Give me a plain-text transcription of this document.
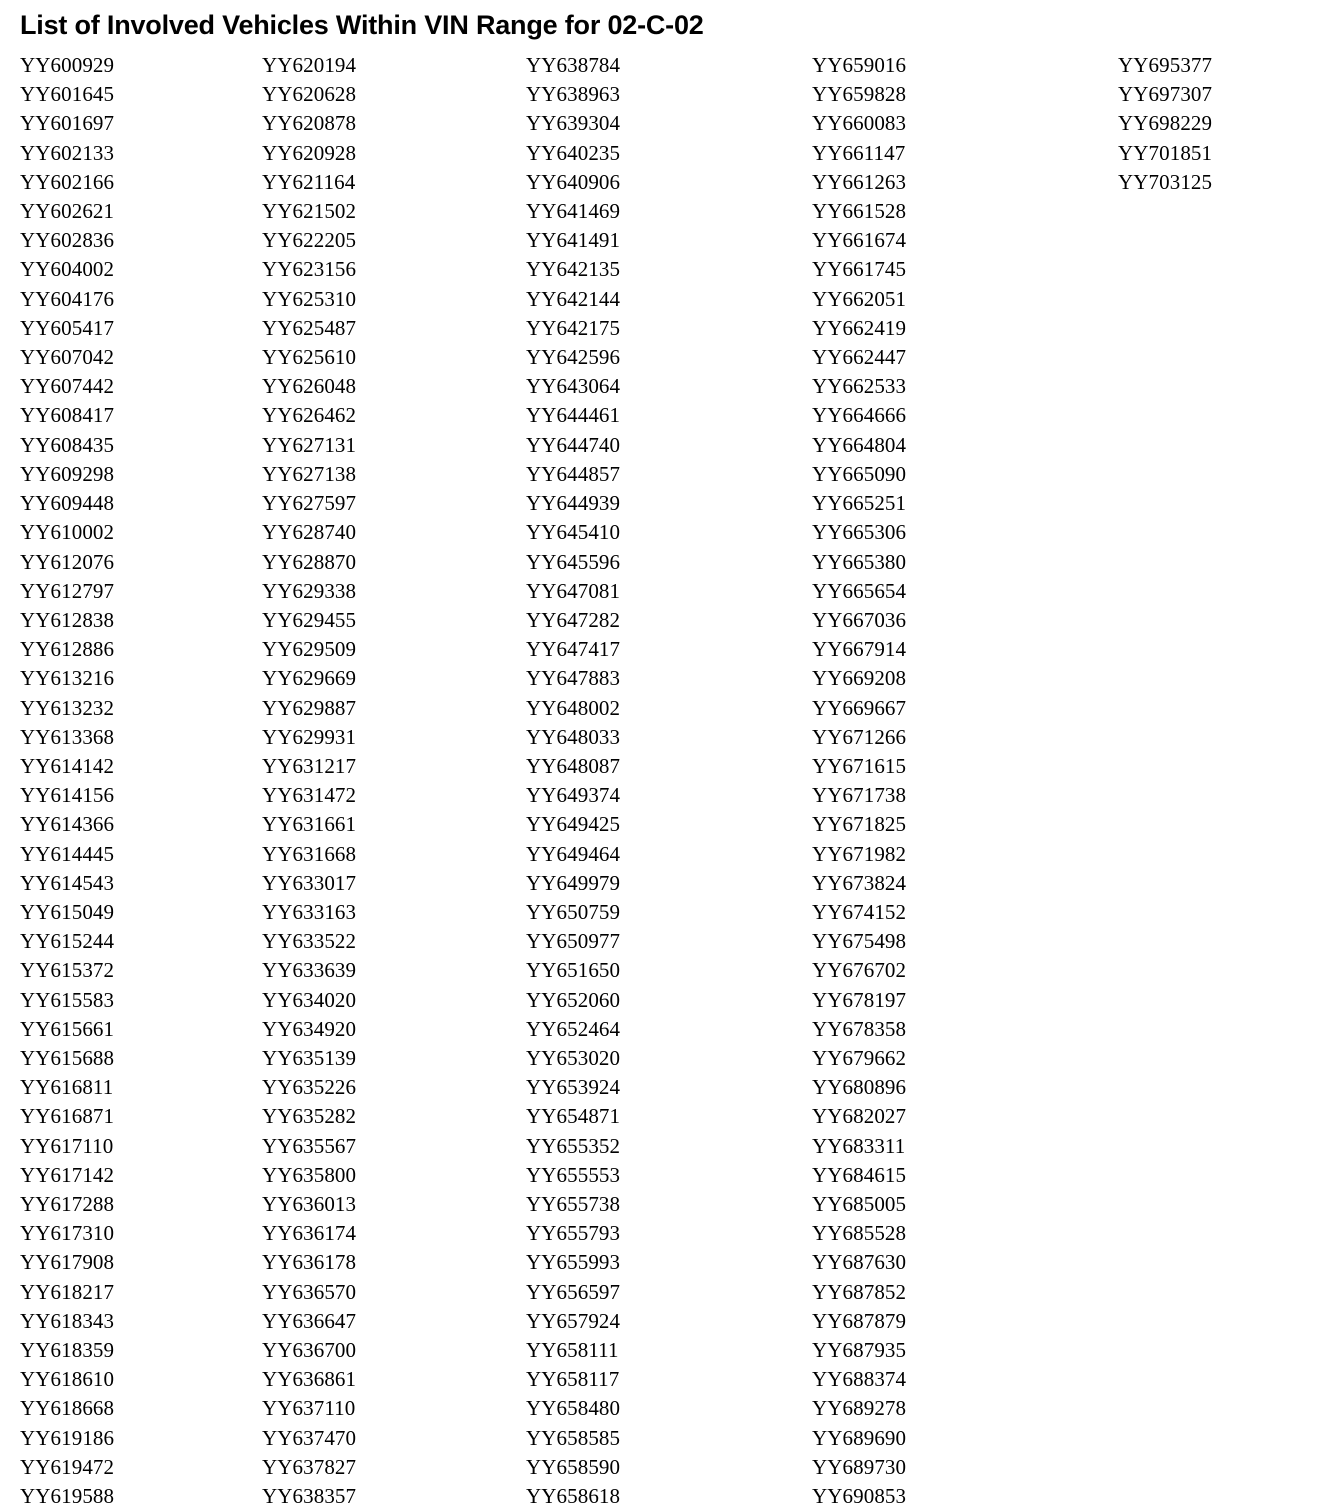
List of Involved Vehicles Within VIN Range for 02-C-02
YY600929
YY601645
YY601697
YY602133
YY602166
YY602621
YY602836
YY604002
YY604176
YY605417
YY607042
YY607442
YY608417
YY608435
YY609298
YY609448
YY610002
YY612076
YY612797
YY612838
YY612886
YY613216
YY613232
YY613368
YY614142
YY614156
YY614366
YY614445
YY614543
YY615049
YY615244
YY615372
YY615583
YY615661
YY615688
YY616811
YY616871
YY617110
YY617142
YY617288
YY617310
YY617908
YY618217
YY618343
YY618359
YY618610
YY618668
YY619186
YY619472
YY619588
YY620194
YY620628
YY620878
YY620928
YY621164
YY621502
YY622205
YY623156
YY625310
YY625487
YY625610
YY626048
YY626462
YY627131
YY627138
YY627597
YY628740
YY628870
YY629338
YY629455
YY629509
YY629669
YY629887
YY629931
YY631217
YY631472
YY631661
YY631668
YY633017
YY633163
YY633522
YY633639
YY634020
YY634920
YY635139
YY635226
YY635282
YY635567
YY635800
YY636013
YY636174
YY636178
YY636570
YY636647
YY636700
YY636861
YY637110
YY637470
YY637827
YY638357
YY638784
YY638963
YY639304
YY640235
YY640906
YY641469
YY641491
YY642135
YY642144
YY642175
YY642596
YY643064
YY644461
YY644740
YY644857
YY644939
YY645410
YY645596
YY647081
YY647282
YY647417
YY647883
YY648002
YY648033
YY648087
YY649374
YY649425
YY649464
YY649979
YY650759
YY650977
YY651650
YY652060
YY652464
YY653020
YY653924
YY654871
YY655352
YY655553
YY655738
YY655793
YY655993
YY656597
YY657924
YY658111
YY658117
YY658480
YY658585
YY658590
YY658618
YY659016
YY659828
YY660083
YY661147
YY661263
YY661528
YY661674
YY661745
YY662051
YY662419
YY662447
YY662533
YY664666
YY664804
YY665090
YY665251
YY665306
YY665380
YY665654
YY667036
YY667914
YY669208
YY669667
YY671266
YY671615
YY671738
YY671825
YY671982
YY673824
YY674152
YY675498
YY676702
YY678197
YY678358
YY679662
YY680896
YY682027
YY683311
YY684615
YY685005
YY685528
YY687630
YY687852
YY687879
YY687935
YY688374
YY689278
YY689690
YY689730
YY690853
YY695377
YY697307
YY698229
YY701851
YY703125
